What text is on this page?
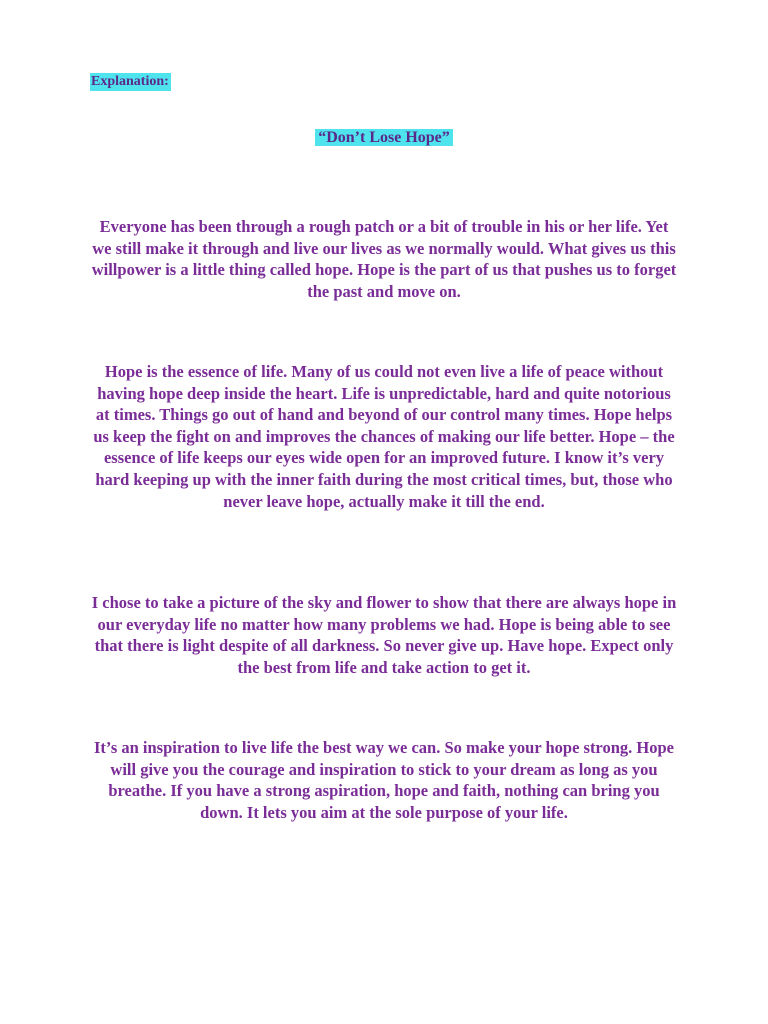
Explanation:
“Don’t Lose Hope”

Everyone has been through a rough patch or a bit of trouble in his or her life. Yet we still make it through and live our lives as we normally would. What gives us this willpower is a little thing called hope. Hope is the part of us that pushes us to forget the past and move on.

Hope is the essence of life. Many of us could not even live a life of peace without having hope deep inside the heart. Life is unpredictable, hard and quite notorious at times. Things go out of hand and beyond of our control many times. Hope helps us keep the fight on and improves the chances of making our life better. Hope – the essence of life keeps our eyes wide open for an improved future. I know it’s very hard keeping up with the inner faith during the most critical times, but, those who never leave hope, actually make it till the end.

I chose to take a picture of the sky and flower to show that there are always hope in our everyday life no matter how many problems we had. Hope is being able to see that there is light despite of all darkness. So never give up. Have hope. Expect only the best from life and take action to get it.

It’s an inspiration to live life the best way we can. So make your hope strong. Hope will give you the courage and inspiration to stick to your dream as long as you breathe. If you have a strong aspiration, hope and faith, nothing can bring you down. It lets you aim at the sole purpose of your life.
